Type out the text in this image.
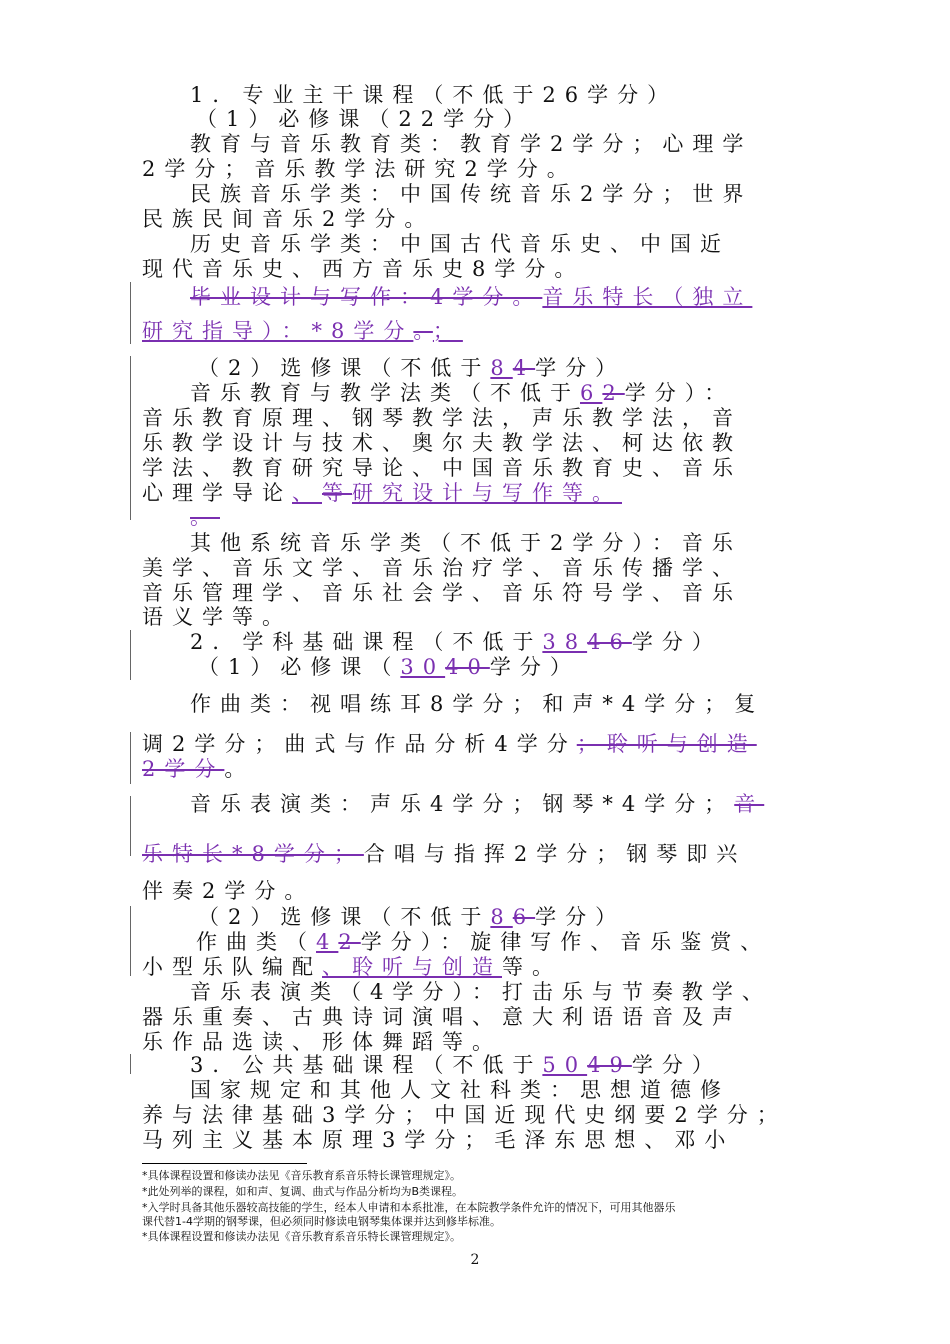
1．专业主干课程（不低于26学分）
（1）必修课（22学分）
教育与音乐教育类：教育学2学分；心理学
2学分；音乐教学法研究2学分。
民族音乐学类：中国传统音乐2学分；世界
民族民间音乐2学分。
历史音乐学类：中国古代音乐史、中国近
现代音乐史、西方音乐史8学分。
毕业设计与写作：4学分。音乐特长（独立
研究指导）：*8学分。；
（2）选修课（不低于84学分）
音乐教育与教学法类（不低于62学分）：
音乐教育原理、钢琴教学法，声乐教学法，音
乐教学设计与技术、奥尔夫教学法、柯达依教
学法、教育研究导论、中国音乐教育史、音乐
心理学导论、等研究设计与写作等。
。
其他系统音乐学类（不低于2学分）：音乐
美学、音乐文学、音乐治疗学、音乐传播学、
音乐管理学、音乐社会学、音乐符号学、音乐
语义学等。
2．学科基础课程（不低于3846学分）
（1）必修课（3040学分）
作曲类：视唱练耳8学分；和声*4学分；复
调2学分；曲式与作品分析4学分；聆听与创造
2学分。
音乐表演类：声乐4学分；钢琴*4学分；音
乐特长*8学分；合唱与指挥2学分；钢琴即兴
伴奏2学分。
（2）选修课（不低于86学分）
作曲类（42学分）：旋律写作、音乐鉴赏、
小型乐队编配、聆听与创造等。
音乐表演类（4学分）：打击乐与节奏教学、
器乐重奏、古典诗词演唱、意大利语语音及声
乐作品选读、形体舞蹈等。
3．公共基础课程（不低于5049学分）
国家规定和其他人文社科类：思想道德修
养与法律基础3学分；中国近现代史纲要2学分；
马列主义基本原理3学分；毛泽东思想、邓小
*具体课程设置和修读办法见《音乐教育系音乐特长课管理规定》。
*此处列举的课程，如和声、复调、曲式与作品分析均为B类课程。
*入学时具备其他乐器较高技能的学生，经本人申请和本系批准，在本院教学条件允许的情况下，可用其他器乐
课代替1-4学期的钢琴课，但必须同时修读电钢琴集体课并达到修毕标准。
*具体课程设置和修读办法见《音乐教育系音乐特长课管理规定》。
2
